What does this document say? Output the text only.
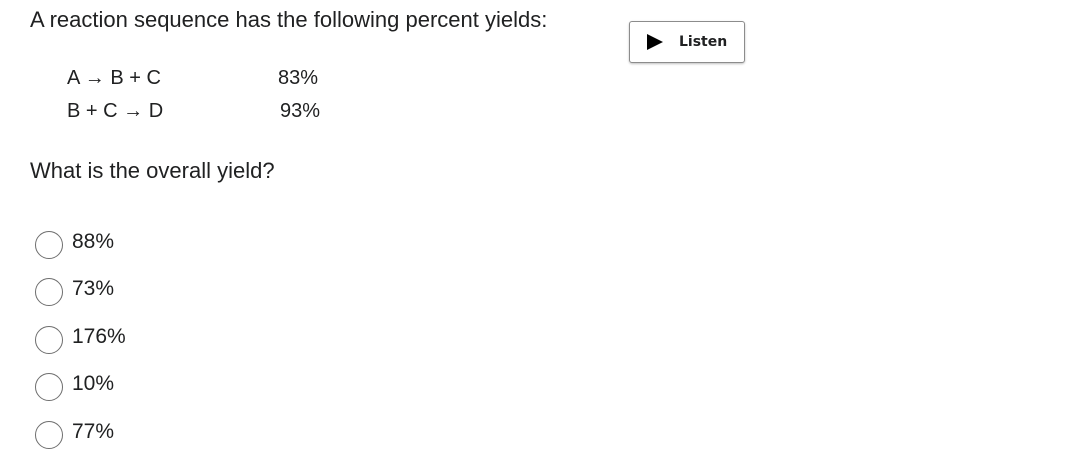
A reaction sequence has the following percent yields:

Listen
A → B + C	83%
B + C → D	93%

What is the overall yield?

88%
73%
176%
10%
77%
